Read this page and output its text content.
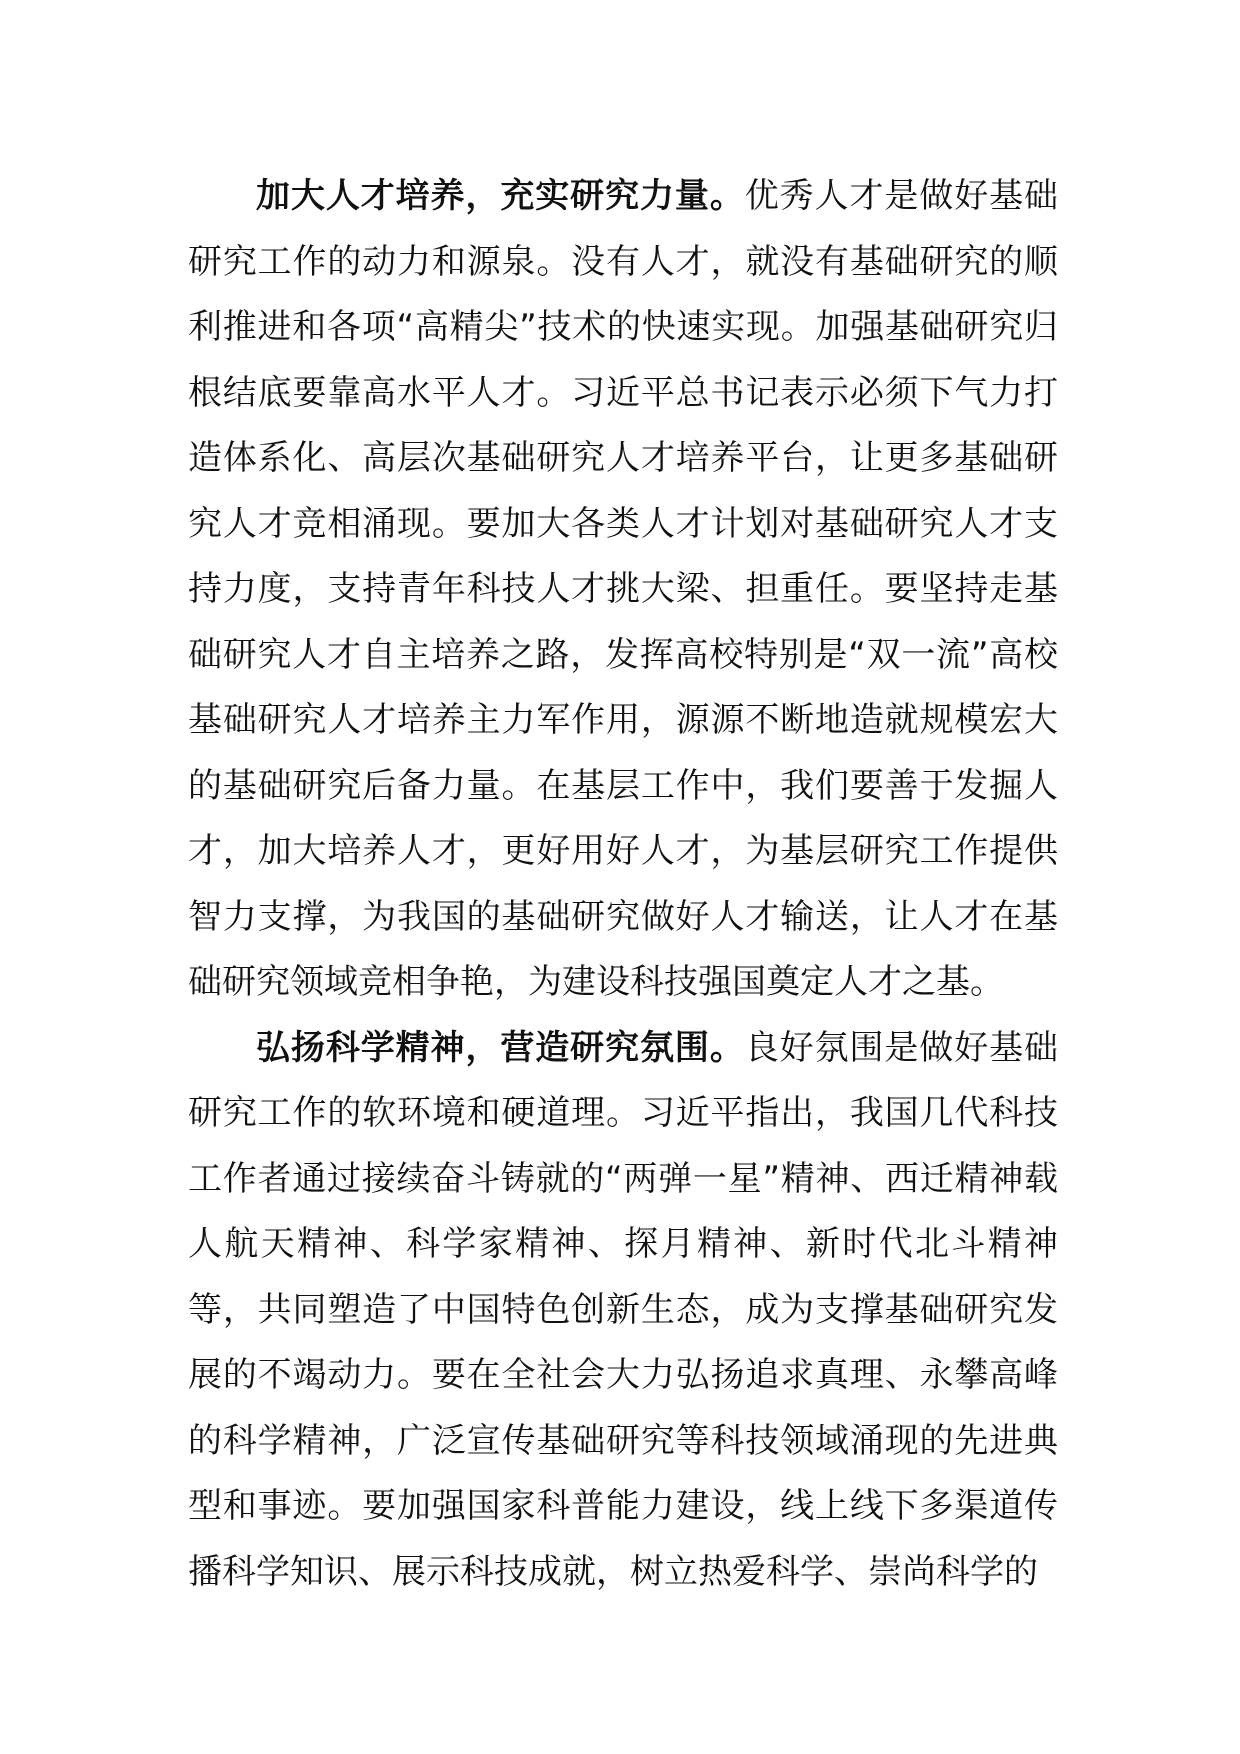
加大人才培养，充实研究力量。优秀人才是做好基础研究工作的动力和源泉。没有人才，就没有基础研究的顺利推进和各项“高精尖”技术的快速实现。加强基础研究归根结底要靠高水平人才。习近平总书记表示必须下气力打造体系化、高层次基础研究人才培养平台，让更多基础研究人才竞相涌现。要加大各类人才计划对基础研究人才支持力度，支持青年科技人才挑大梁、担重任。要坚持走基础研究人才自主培养之路，发挥高校特别是“双一流”高校基础研究人才培养主力军作用，源源不断地造就规模宏大的基础研究后备力量。在基层工作中，我们要善于发掘人才，加大培养人才，更好用好人才，为基层研究工作提供智力支撑，为我国的基础研究做好人才输送，让人才在基础研究领域竞相争艳，为建设科技强国奠定人才之基。

弘扬科学精神，营造研究氛围。良好氛围是做好基础研究工作的软环境和硬道理。习近平指出，我国几代科技工作者通过接续奋斗铸就的“两弹一星”精神、西迁精神载人航天精神、科学家精神、探月精神、新时代北斗精神等，共同塑造了中国特色创新生态，成为支撑基础研究发展的不竭动力。要在全社会大力弘扬追求真理、永攀高峰的科学精神，广泛宣传基础研究等科技领域涌现的先进典型和事迹。要加强国家科普能力建设，线上线下多渠道传播科学知识、展示科技成就，树立热爱科学、崇尚科学的
